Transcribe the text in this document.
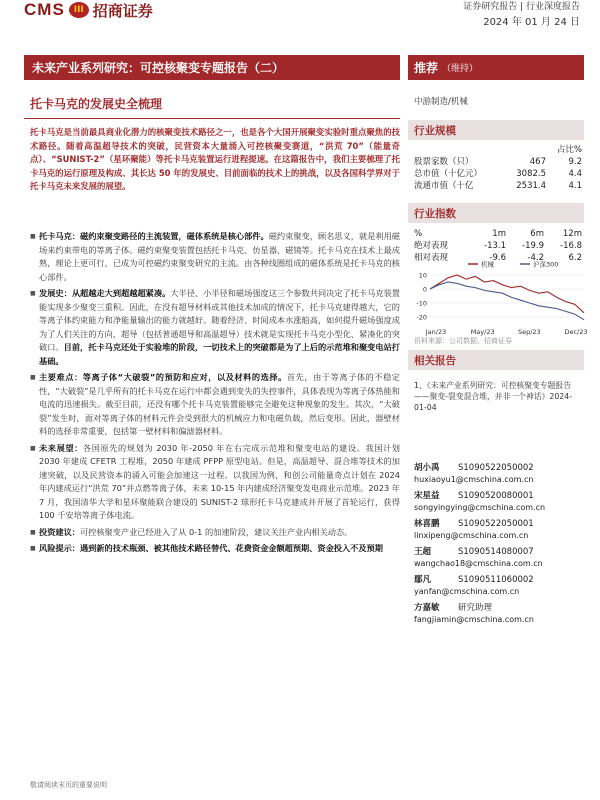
CMS III 招商证券	证券研究报告 | 行业深度报告
2024 年 01 月 24 日
未来产业系列研究：可控核聚变专题报告（二）	推荐 （维持）
托卡马克的发展史全梳理
托卡马克是当前最具商业化潜力的核聚变技术路径之一，也是各个大国开展聚变实验时重点聚焦的技术路径。随着高温超导技术的突破，民营资本大量涌入可控核聚变赛道，“洪荒 70”（能量奇点）、“SUNIST-2”（星环聚能）等托卡马克装置运行进程提速。在这篇报告中，我们主要梳理了托卡马克的运行原理及构成、其长达 50 年的发展史、目前面临的技术上的挑战，以及各国科学界对于托卡马克未来发展的展望。
■ 托卡马克：磁约束聚变路径的主流装置，磁体系统是核心部件。磁约束聚变，顾名思义，就是利用磁场来约束带电的等离子体。磁约束聚变装置包括托卡马克、仿星器、磁镜等。托卡马克在技术上最成熟，理论上更可行，已成为可控磁约束聚变研究的主流。由各种线圈组成的磁体系统是托卡马克的核心部件。
■ 发展史：从超越走大到超越超紧凑。大半径、小半径和磁场强度这三个参数共同决定了托卡马克装置能实现多少聚变三重积。因此，在没有超导材料或其他技术加成的情况下，托卡马克建得越大，它的等离子体约束能力和净能量输出的能力就越好。随着经济、时间成本水涨船高，如何提升磁场强度成为了人们关注的方向，超导（包括普通超导和高温超导）技术就是实现托卡马克小型化、紧凑化的突破口。目前，托卡马克还处于实验堆的阶段，一切技术上的突破都是为了上后的示范堆和聚变电站打基础。
■ 主要难点：等离子体“大破裂”的预防和应对，以及材料的选择。首先，由于等离子体的不稳定性，“大破裂”是几乎所有的托卡马克在运行中都会遇到变失的失控事件，具体表现为等离子体热能和电流的迅速损失。截至目前，还没有哪个托卡马克装置能够完全避免这种现象的发生。其次，“大破裂”发生时，面对等离子体的材料元件会受到很大的机械应力和电磁负载，然后变形。因此，器壁材料的选择非常重要，包括第一壁材料和偏滤器材料。
■ 未来展望：各国原先的规划为 2030 年-2050 年在右完成示范堆和聚变电站的建设。我国计划 2030 年建成 CFETR 工程堆，2050 年建成 PFPP 原型电站。但是，高温超导、混合堆等技术的加速突破，以及民营资本的涌入可能会加速这一过程。以我国为例，和创公司能量奇点计划在 2024 年内建成运行“洪荒 70”并点燃等离子体，未来 10-15 年内建成经济聚变发电商业示范堆。2023 年 7 月，我国清华大学和星环聚能联合建设的 SUNIST-2 球形托卡马克建成并开展了首轮运行，获得 100 千安培等离子体电流。
■ 投资建议：可控核聚变产业已经进入了从 0-1 的加速阶段，建议关注产业内相关动态。
■ 风险提示：遇到新的技术瓶颈、被其他技术路径替代、花费资金金额超预期、资金投入不及预期
中游制造/机械
行业规模
占比%
股票家数（只）	467	9.2
总市值（十亿元）	3082.5	4.4
流通市值（十亿	2531.4	4.1
行业指数
%	1m	6m	12m
绝对表现	-13.1	-19.9	-16.8
相对表现	-9.6	-4.2	6.2
10
0
-10
-20
Jan/23	May/23	Sep/23	Dec/23
机械	沪深300
资料来源：公司数据、招商证券
相关报告
1、《未来产业系列研究：可控核聚变专题报告——聚变-裂变混合堆，并非一个神话》2024-01-04
胡小禹	S1090522050002
huxiaoyu1@cmschina.com.cn
宋星益	S1090520080001
songyingying@cmschina.com.cn
林喜鹏	S1090522050001
linxipeng@cmschina.com.cn
王超	S1090514080007
wangchao18@cmschina.com.cn
鄢凡	S1090511060002
yanfan@cmschina.com.cn
方嘉敏	研究助理
fangjiamin@cmschina.com.cn
敬请阅读末页的重要说明
